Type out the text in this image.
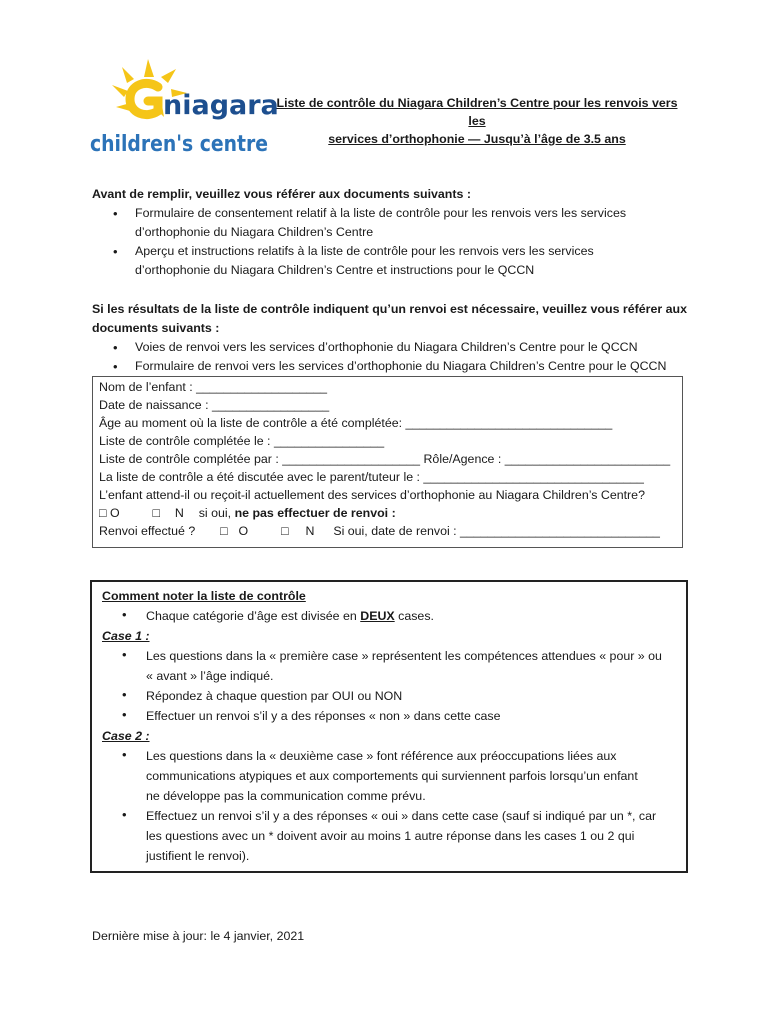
niagara
children's centre
Liste de contrôle du Niagara Children’s Centre pour les renvois vers les
services d’orthophonie — Jusqu’à l’âge de 3.5 ans
Avant de remplir, veuillez vous référer aux documents suivants :
• Formulaire de consentement relatif à la liste de contrôle pour les renvois vers les services d’orthophonie du Niagara Children’s Centre
• Aperçu et instructions relatifs à la liste de contrôle pour les renvois vers les services d’orthophonie du Niagara Children’s Centre et instructions pour le QCCN
Si les résultats de la liste de contrôle indiquent qu’un renvoi est nécessaire, veuillez vous référer aux
documents suivants :
• Voies de renvoi vers les services d’orthophonie du Niagara Children’s Centre pour le QCCN
• Formulaire de renvoi vers les services d’orthophonie du Niagara Children’s Centre pour le QCCN
Nom de l’enfant : ___________________
Date de naissance : _________________
Âge au moment où la liste de contrôle a été complétée: ______________________________
Liste de contrôle complétée le : ________________
Liste de contrôle complétée par : ____________________ Rôle/Agence : ________________________
La liste de contrôle a été discutée avec le parent/tuteur le : ________________________________
L’enfant attend-il ou reçoit-il actuellement des services d’orthophonie au Niagara Children’s Centre?
□ O	□ N si oui, ne pas effectuer de renvoi :
Renvoi effectué ? □ O	□ N Si oui, date de renvoi : _____________________________
Comment noter la liste de contrôle
• Chaque catégorie d’âge est divisée en DEUX cases.
Case 1 :
• Les questions dans la « première case » représentent les compétences attendues « pour » ou
« avant » l’âge indiqué.
• Répondez à chaque question par OUI ou NON
• Effectuer un renvoi s’il y a des réponses « non » dans cette case
Case 2 :
• Les questions dans la « deuxième case » font référence aux préoccupations liées aux
communications atypiques et aux comportements qui surviennent parfois lorsqu’un enfant
ne développe pas la communication comme prévu.
• Effectuez un renvoi s’il y a des réponses « oui » dans cette case (sauf si indiqué par un *, car
les questions avec un * doivent avoir au moins 1 autre réponse dans les cases 1 ou 2 qui
justifient le renvoi).
Dernière mise à jour: le 4 janvier, 2021
